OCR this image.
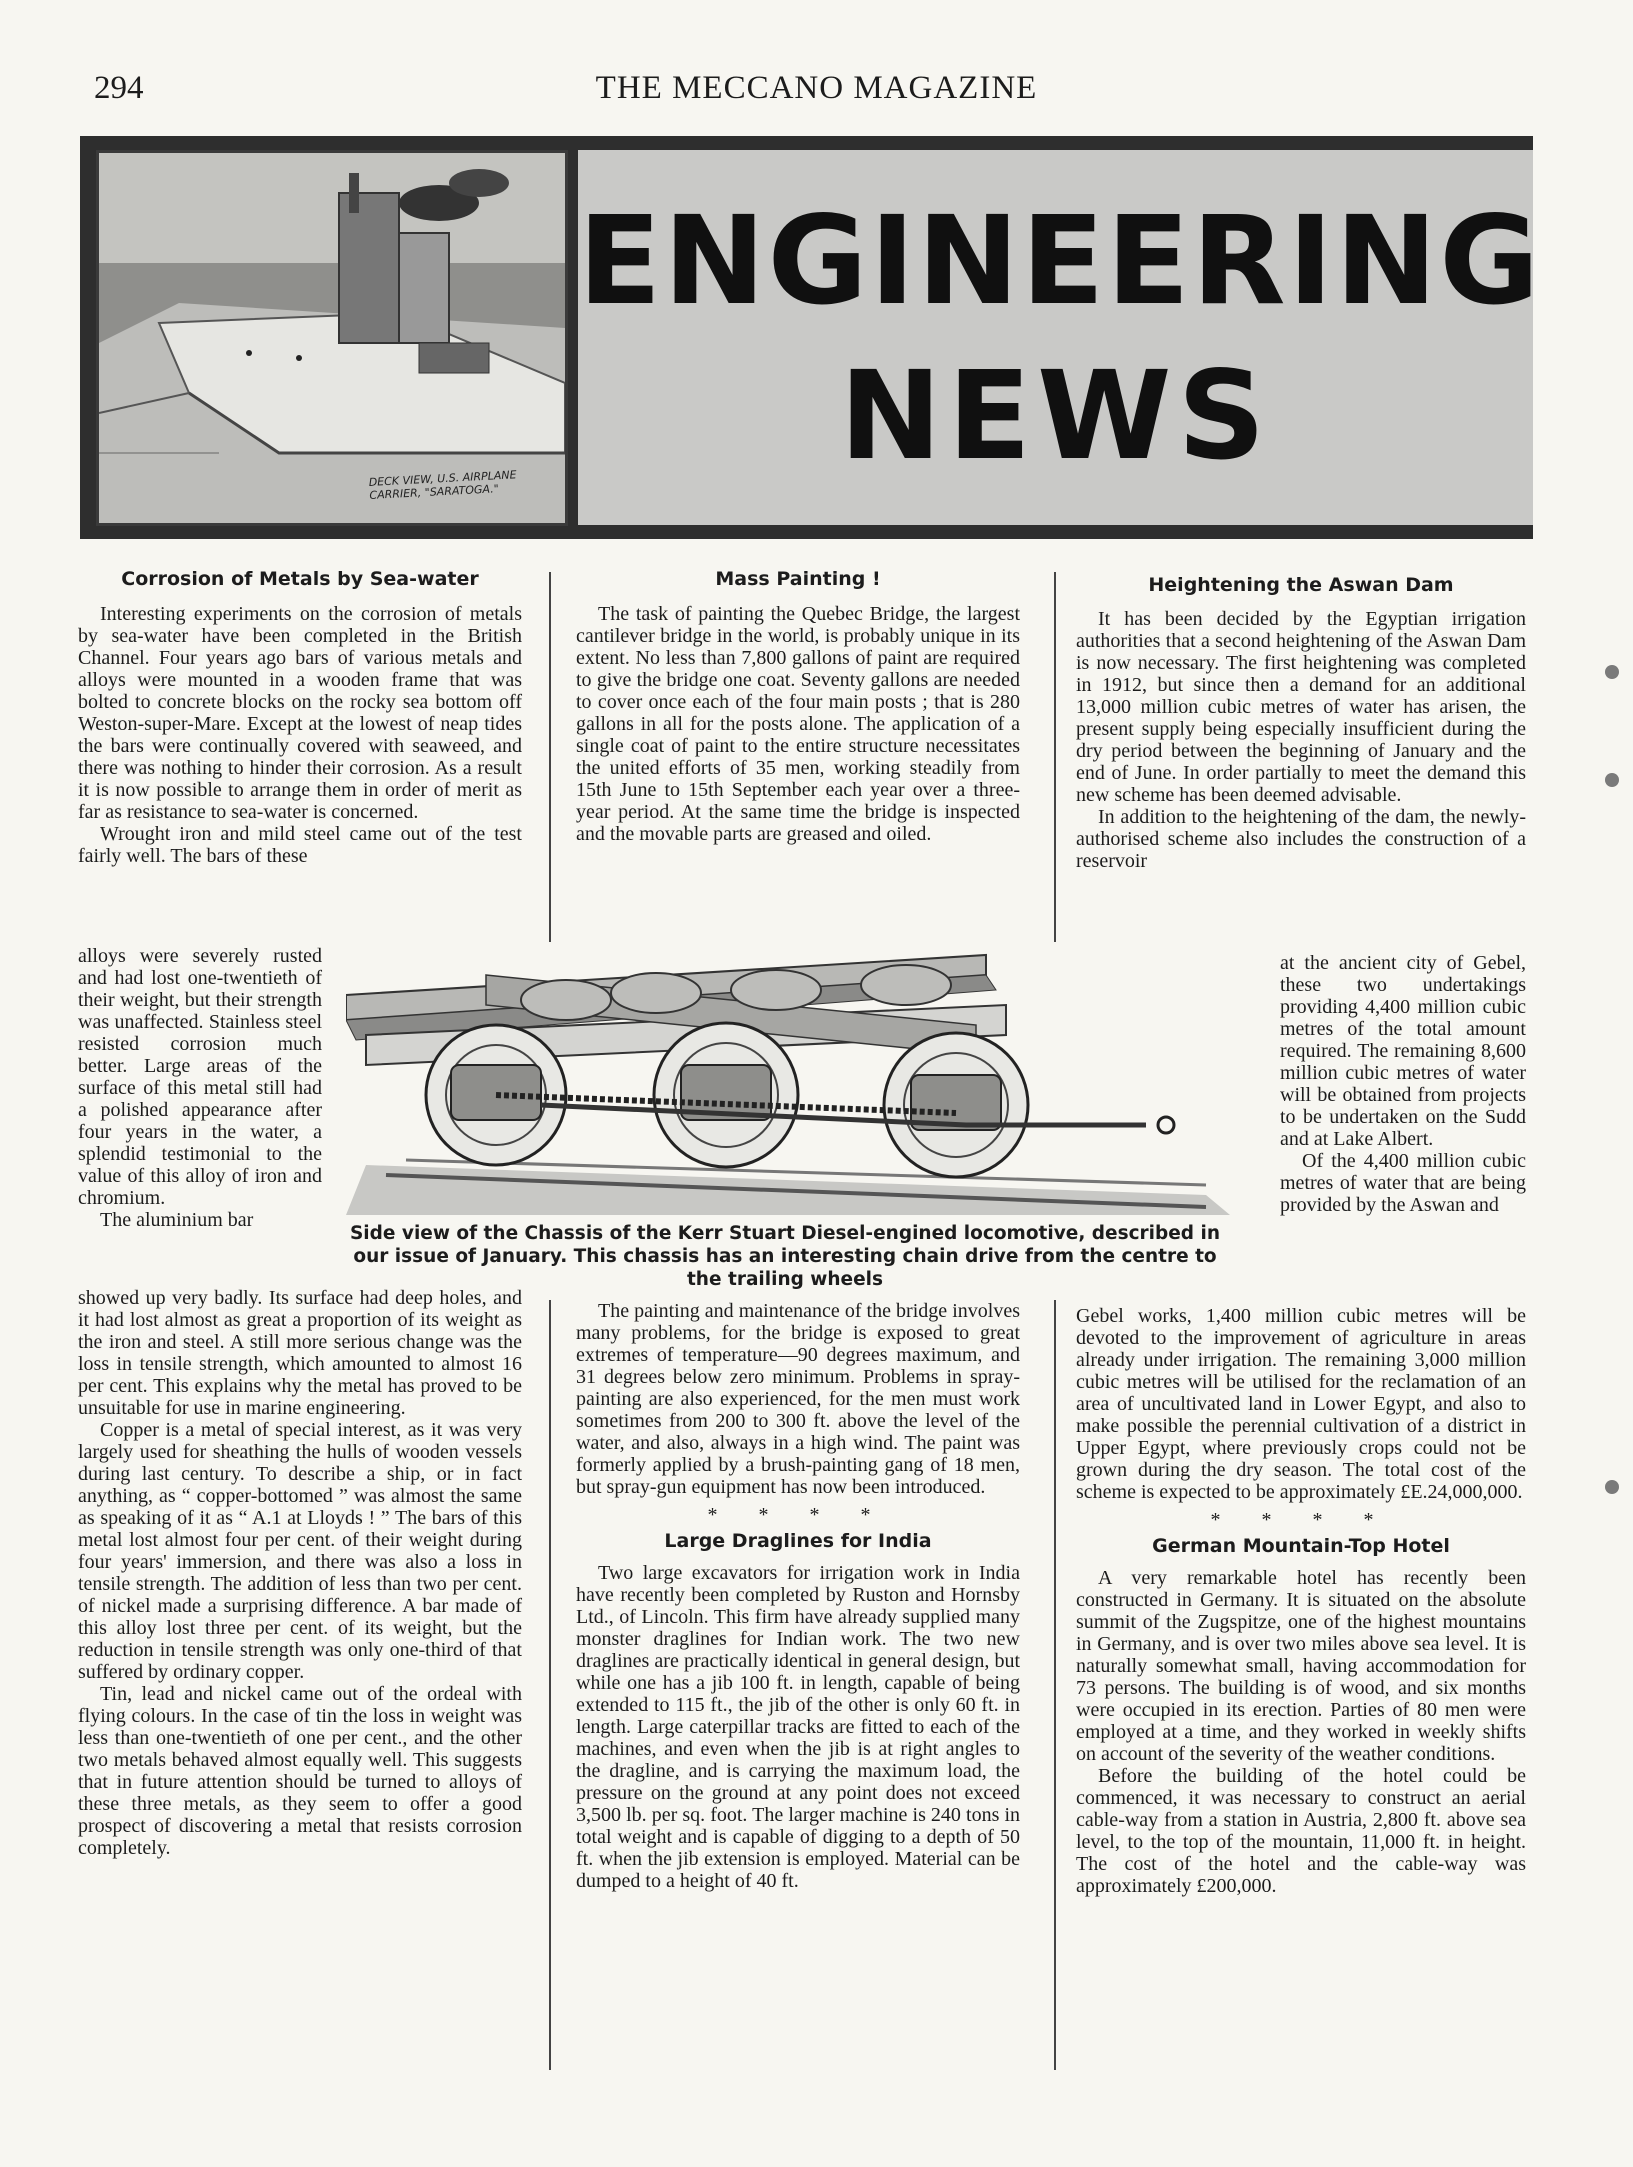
294	THE MECCANO MAGAZINE
DECK VIEW, U.S. AIRPLANE CARRIER, "SARATOGA."
ENGINEERING
NEWS
Corrosion of Metals by Sea-water

Interesting experiments on the corrosion of metals by sea-water have been completed in the British Channel. Four years ago bars of various metals and alloys were mounted in a wooden frame that was bolted to concrete blocks on the rocky sea bottom off Weston-super-Mare. Except at the lowest of neap tides the bars were continually covered with seaweed, and there was nothing to hinder their corrosion. As a result it is now possible to arrange them in order of merit as far as resistance to sea-water is concerned.

Wrought iron and mild steel came out of the test fairly well. The bars of these

alloys were severely rusted and had lost one-twentieth of their weight, but their strength was unaffected. Stainless steel resisted corrosion much better. Large areas of the surface of this metal still had a polished appearance after four years in the water, a splendid testimonial to the value of this alloy of iron and chromium.

The aluminium bar

showed up very badly. Its surface had deep holes, and it had lost almost as great a proportion of its weight as the iron and steel. A still more serious change was the loss in tensile strength, which amounted to almost 16 per cent. This explains why the metal has proved to be unsuitable for use in marine engineering.

Copper is a metal of special interest, as it was very largely used for sheathing the hulls of wooden vessels during last century. To describe a ship, or in fact anything, as “ copper-bottomed ” was almost the same as speaking of it as “ A.1 at Lloyds ! ” The bars of this metal lost almost four per cent. of their weight during four years' immersion, and there was also a loss in tensile strength. The addition of less than two per cent. of nickel made a surprising difference. A bar made of this alloy lost three per cent. of its weight, but the reduction in tensile strength was only one-third of that suffered by ordinary copper.

Tin, lead and nickel came out of the ordeal with flying colours. In the case of tin the loss in weight was less than one-twentieth of one per cent., and the other two metals behaved almost equally well. This suggests that in future attention should be turned to alloys of these three metals, as they seem to offer a good prospect of discovering a metal that resists corrosion completely.

Mass Painting !

The task of painting the Quebec Bridge, the largest cantilever bridge in the world, is probably unique in its extent. No less than 7,800 gallons of paint are required to give the bridge one coat. Seventy gallons are needed to cover once each of the four main posts ; that is 280 gallons in all for the posts alone. The application of a single coat of paint to the entire structure necessitates the united efforts of 35 men, working steadily from 15th June to 15th September each year over a three-year period. At the same time the bridge is inspected and the movable parts are greased and oiled.

The painting and maintenance of the bridge involves many problems, for the bridge is exposed to great extremes of temperature—90 degrees maximum, and 31 degrees below zero minimum. Problems in spray-painting are also experienced, for the men must work sometimes from 200 to 300 ft. above the level of the water, and also, always in a high wind. The paint was formerly applied by a brush-painting gang of 18 men, but spray-gun equipment has now been introduced.

* * * *
Large Draglines for India

Two large excavators for irrigation work in India have recently been completed by Ruston and Hornsby Ltd., of Lincoln. This firm have already supplied many monster draglines for Indian work. The two new draglines are practically identical in general design, but while one has a jib 100 ft. in length, capable of being extended to 115 ft., the jib of the other is only 60 ft. in length. Large caterpillar tracks are fitted to each of the machines, and even when the jib is at right angles to the dragline, and is carrying the maximum load, the pressure on the ground at any point does not exceed 3,500 lb. per sq. foot. The larger machine is 240 tons in total weight and is capable of digging to a depth of 50 ft. when the jib extension is employed. Material can be dumped to a height of 40 ft.

Heightening the Aswan Dam

It has been decided by the Egyptian irrigation authorities that a second heightening of the Aswan Dam is now necessary. The first heightening was completed in 1912, but since then a demand for an additional 13,000 million cubic metres of water has arisen, the present supply being especially insufficient during the dry period between the beginning of January and the end of June. In order partially to meet the demand this new scheme has been deemed advisable.

In addition to the heightening of the dam, the newly-authorised scheme also includes the construction of a reservoir

at the ancient city of Gebel, these two undertakings providing 4,400 million cubic metres of the total amount required. The remaining 8,600 million cubic metres of water will be obtained from projects to be undertaken on the Sudd and at Lake Albert.

Of the 4,400 million cubic metres of water that are being provided by the Aswan and

Gebel works, 1,400 million cubic metres will be devoted to the improvement of agriculture in areas already under irrigation. The remaining 3,000 million cubic metres will be utilised for the reclamation of an area of uncultivated land in Lower Egypt, and also to make possible the perennial cultivation of a district in Upper Egypt, where previously crops could not be grown during the dry season. The total cost of the scheme is expected to be approximately £E.24,000,000.

* * * *
German Mountain-Top Hotel

A very remarkable hotel has recently been constructed in Germany. It is situated on the absolute summit of the Zugspitze, one of the highest mountains in Germany, and is over two miles above sea level. It is naturally somewhat small, having accommodation for 73 persons. The building is of wood, and six months were occupied in its erection. Parties of 80 men were employed at a time, and they worked in weekly shifts on account of the severity of the weather conditions.

Before the building of the hotel could be commenced, it was necessary to construct an aerial cable-way from a station in Austria, 2,800 ft. above sea level, to the top of the mountain, 11,000 ft. in height. The cost of the hotel and the cable-way was approximately £200,000.

Side view of the Chassis of the Kerr Stuart Diesel-engined locomotive, described in our issue of January. This chassis has an interesting chain drive from the centre to the trailing wheels
